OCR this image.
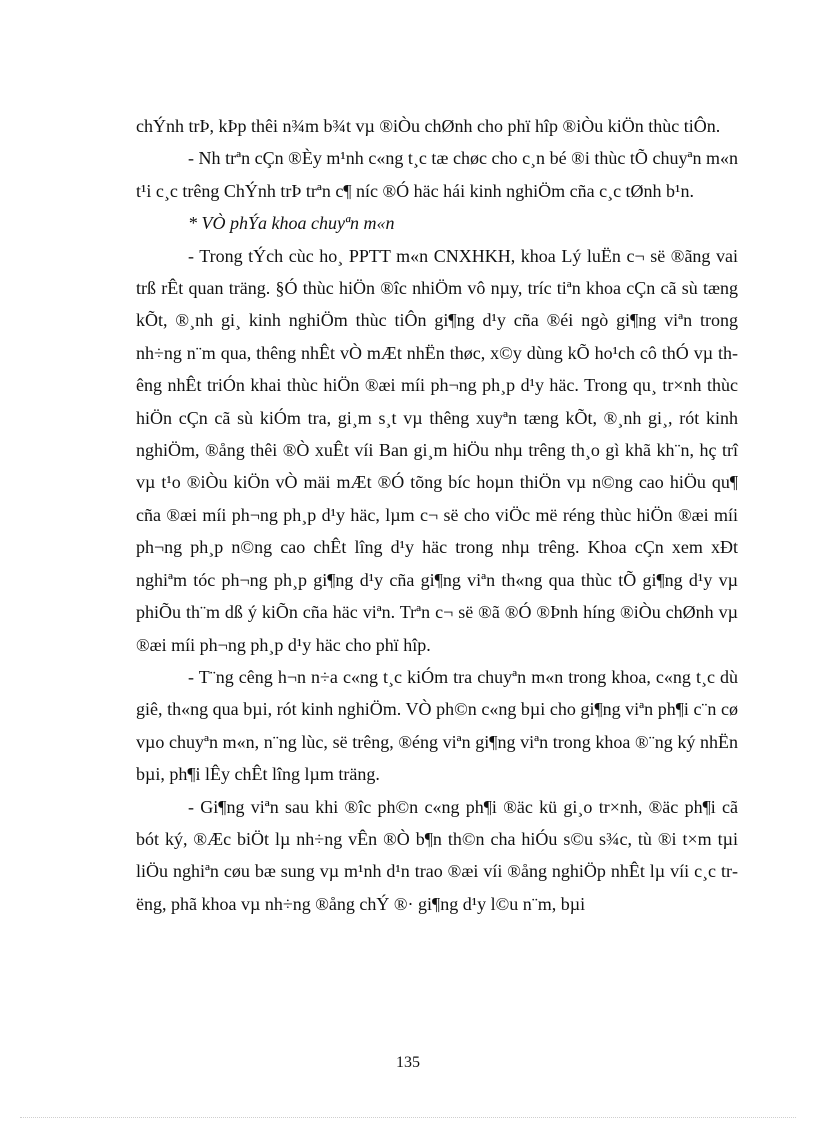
chÝnh trÞ, kÞp thêi n¾m b¾t vµ ®iÒu chØnh cho phï hîp ®iÒu kiÖn thùc tiÔn.

- Nh trªn cÇn ®Èy m¹nh c«ng t¸c tæ chøc cho c¸n bé ®i thùc tÕ chuyªn m«n t¹i c¸c trêng ChÝnh trÞ trªn c¶ níc ®Ó häc hái kinh nghiÖm cña c¸c tØnh b¹n.

* VÒ phÝa khoa chuyªn m«n

- Trong tÝch cùc ho¸ PPTT m«n CNXHKH, khoa Lý luËn c¬ së ®ãng vai trß rÊt quan träng. §Ó thùc hiÖn ®îc nhiÖm vô nµy, tríc tiªn khoa cÇn cã sù tæng kÕt, ®¸nh gi¸ kinh nghiÖm thùc tiÔn gi¶ng d¹y cña ®éi ngò gi¶ng viªn trong nh÷ng n¨m qua, thêng nhÊt vÒ mÆt nhËn thøc, x©y dùng kÕ ho¹ch cô thÓ vµ thêng nhÊt triÓn khai thùc hiÖn ®æi míi ph¬ng ph¸p d¹y häc. Trong qu¸ tr×nh thùc hiÖn cÇn cã sù kiÓm tra, gi¸m s¸t vµ thêng xuyªn tæng kÕt, ®¸nh gi¸, rót kinh nghiÖm, ®ång thêi ®Ò xuÊt víi Ban gi¸m hiÖu nhµ trêng th¸o gì khã kh¨n, hç trî vµ t¹o ®iÒu kiÖn vÒ mäi mÆt ®Ó tõng bíc hoµn thiÖn vµ n©ng cao hiÖu qu¶ cña ®æi míi ph¬ng ph¸p d¹y häc, lµm c¬ së cho viÖc më réng thùc hiÖn ®æi míi ph¬ng ph¸p n©ng cao chÊt lîng d¹y häc trong nhµ trêng. Khoa cÇn xem xÐt nghiªm tóc ph¬ng ph¸p gi¶ng d¹y cña gi¶ng viªn th«ng qua thùc tÕ gi¶ng d¹y vµ phiÕu th¨m dß ý kiÕn cña häc viªn. Trªn c¬ së ®ã ®Ó ®Þnh híng ®iÒu chØnh vµ ®æi míi ph¬ng ph¸p d¹y häc cho phï hîp.

- T¨ng cêng h¬n n÷a c«ng t¸c kiÓm tra chuyªn m«n trong khoa, c«ng t¸c dù giê, th«ng qua bµi, rót kinh nghiÖm. VÒ ph©n c«ng bµi cho gi¶ng viªn ph¶i c¨n cø vµo chuyªn m«n, n¨ng lùc, së trêng, ®éng viªn gi¶ng viªn trong khoa ®¨ng ký nhËn bµi, ph¶i lÊy chÊt lîng lµm träng.

- Gi¶ng viªn sau khi ®îc ph©n c«ng ph¶i ®äc kü gi¸o tr×nh, ®äc ph¶i cã bót ký, ®Æc biÖt lµ nh÷ng vÊn ®Ò b¶n th©n cha hiÓu s©u s¾c, tù ®i t×m tµi liÖu nghiªn cøu bæ sung vµ m¹nh d¹n trao ®æi víi ®ång nghiÖp nhÊt lµ víi c¸c trëng, phã khoa vµ nh÷ng ®ång chÝ ®· gi¶ng d¹y l©u n¨m, bµi

135
